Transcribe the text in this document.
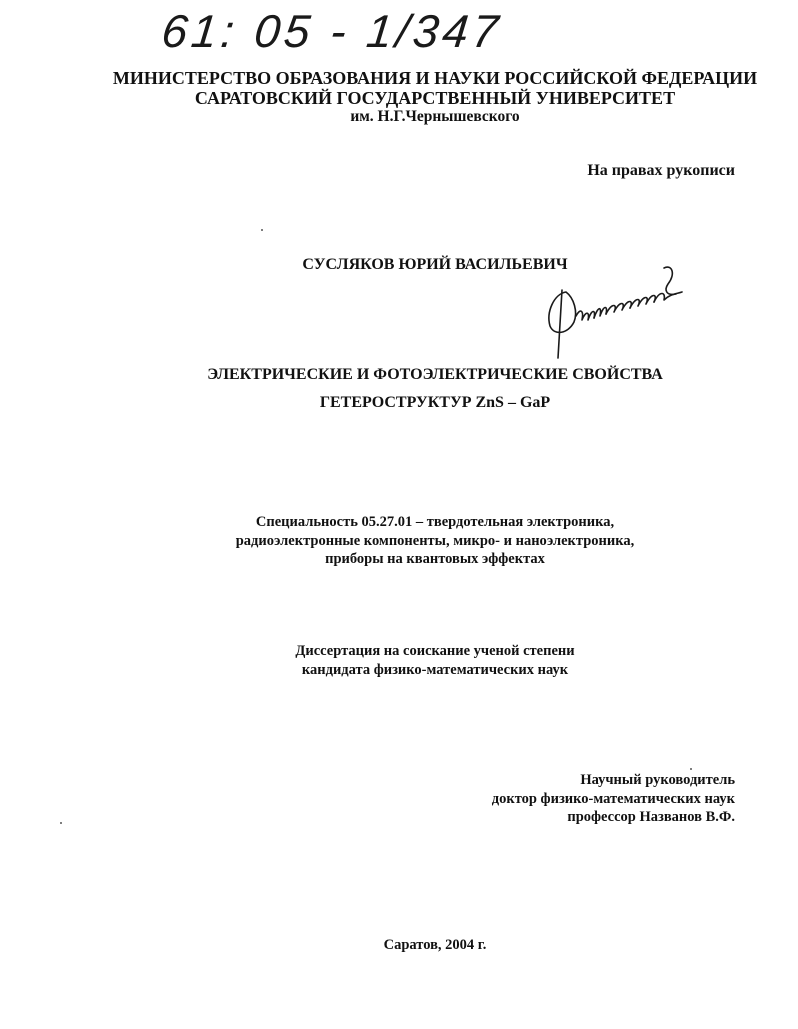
61: 05 - 1/347
МИНИСТЕРСТВО ОБРАЗОВАНИЯ И НАУКИ РОССИЙСКОЙ ФЕДЕРАЦИИ
САРАТОВСКИЙ ГОСУДАРСТВЕННЫЙ УНИВЕРСИТЕТ
им. Н.Г.Чернышевского
На правах рукописи
СУСЛЯКОВ ЮРИЙ ВАСИЛЬЕВИЧ
ЭЛЕКТРИЧЕСКИЕ И ФОТОЭЛЕКТРИЧЕСКИЕ СВОЙСТВА
ГЕТЕРОСТРУКТУР ZnS – GaP
Специальность 05.27.01 – твердотельная электроника,
радиоэлектронные компоненты, микро- и наноэлектроника,
приборы на квантовых эффектах
Диссертация на соискание ученой степени
кандидата физико-математических наук
Научный руководитель
доктор физико-математических наук
профессор Названов В.Ф.
Саратов, 2004 г.
